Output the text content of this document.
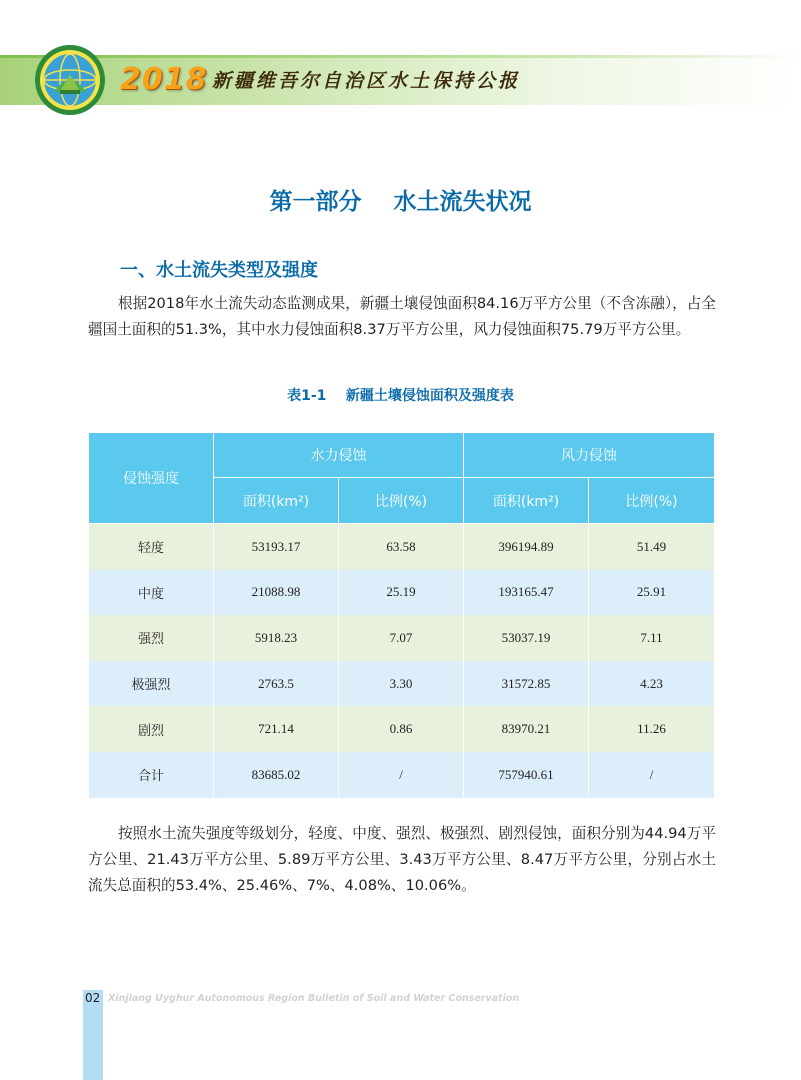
2018 新疆维吾尔自治区水土保持公报
第一部分    水土流失状况
一、水土流失类型及强度
根据2018年水土流失动态监测成果，新疆土壤侵蚀面积84.16万平方公里（不含冻融），占全疆国土面积的51.3%，其中水力侵蚀面积8.37万平方公里，风力侵蚀面积75.79万平方公里。
表1-1    新疆土壤侵蚀面积及强度表
侵蚀强度	水力侵蚀		风力侵蚀	
	面积(km²)	比例(%)	面积(km²)	比例(%)
轻度	53193.17	63.58	396194.89	51.49
中度	21088.98	25.19	193165.47	25.91
强烈	5918.23	7.07	53037.19	7.11
极强烈	2763.5	3.30	31572.85	4.23
剧烈	721.14	0.86	83970.21	11.26
合计	83685.02	/	757940.61	/
按照水土流失强度等级划分，轻度、中度、强烈、极强烈、剧烈侵蚀，面积分别为44.94万平方公里、21.43万平方公里、5.89万平方公里、3.43万平方公里、8.47万平方公里，分别占水土流失总面积的53.4%、25.46%、7%、4.08%、10.06%。
02 Xinjiang Uyghur Autonomous Region Bulletin of Soil and Water Conservation
